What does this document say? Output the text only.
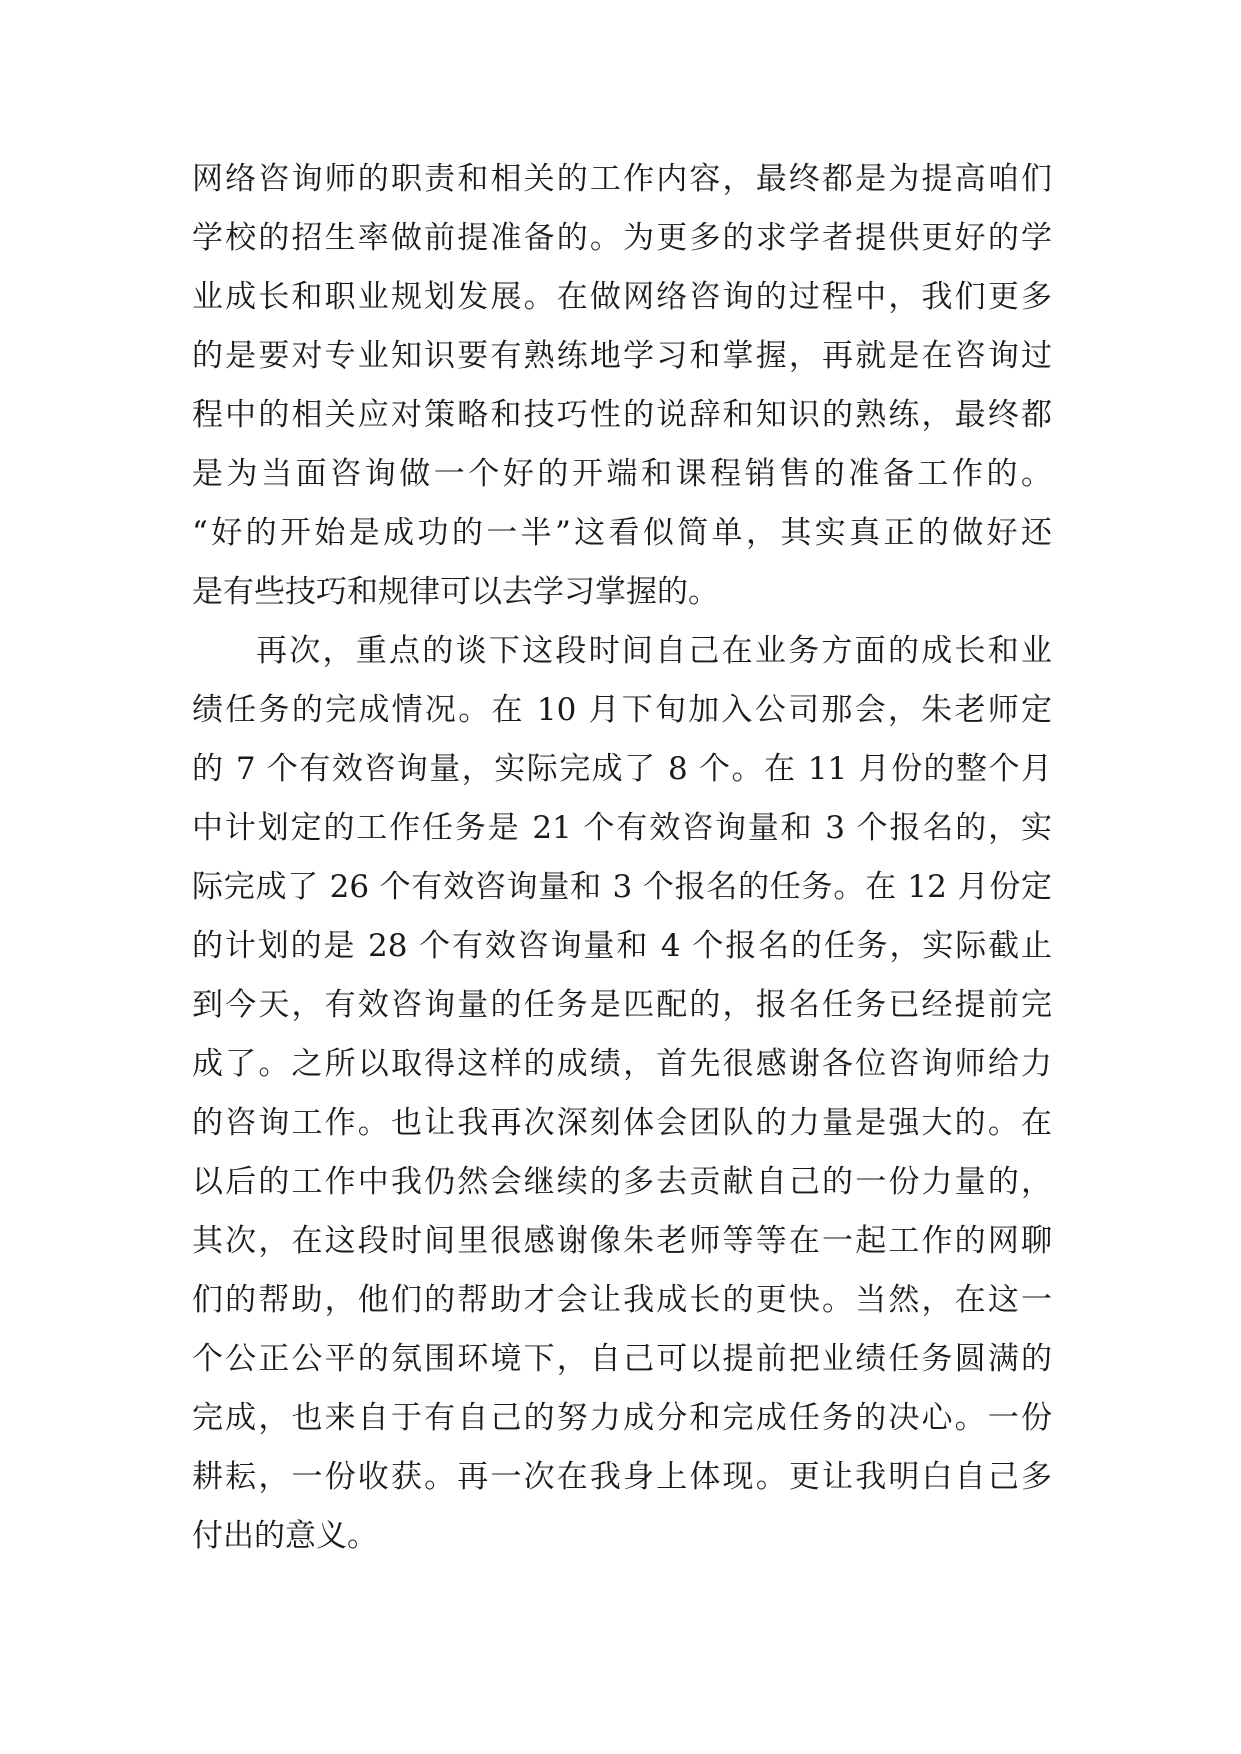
网络咨询师的职责和相关的工作内容，最终都是为提高咱们
学校的招生率做前提准备的。为更多的求学者提供更好的学
业成长和职业规划发展。在做网络咨询的过程中，我们更多
的是要对专业知识要有熟练地学习和掌握，再就是在咨询过
程中的相关应对策略和技巧性的说辞和知识的熟练，最终都
是为当面咨询做一个好的开端和课程销售的准备工作的。
“好的开始是成功的一半”这看似简单，其实真正的做好还
是有些技巧和规律可以去学习掌握的。
再次，重点的谈下这段时间自己在业务方面的成长和业
绩任务的完成情况。在 10 月下旬加入公司那会，朱老师定
的 7 个有效咨询量，实际完成了 8 个。在 11 月份的整个月
中计划定的工作任务是 21 个有效咨询量和 3 个报名的，实
际完成了 26 个有效咨询量和 3 个报名的任务。在 12 月份定
的计划的是 28 个有效咨询量和 4 个报名的任务，实际截止
到今天，有效咨询量的任务是匹配的，报名任务已经提前完
成了。之所以取得这样的成绩，首先很感谢各位咨询师给力
的咨询工作。也让我再次深刻体会团队的力量是强大的。在
以后的工作中我仍然会继续的多去贡献自己的一份力量的，
其次，在这段时间里很感谢像朱老师等等在一起工作的网聊
们的帮助，他们的帮助才会让我成长的更快。当然，在这一
个公正公平的氛围环境下，自己可以提前把业绩任务圆满的
完成，也来自于有自己的努力成分和完成任务的决心。一份
耕耘，一份收获。再一次在我身上体现。更让我明白自己多
付出的意义。
